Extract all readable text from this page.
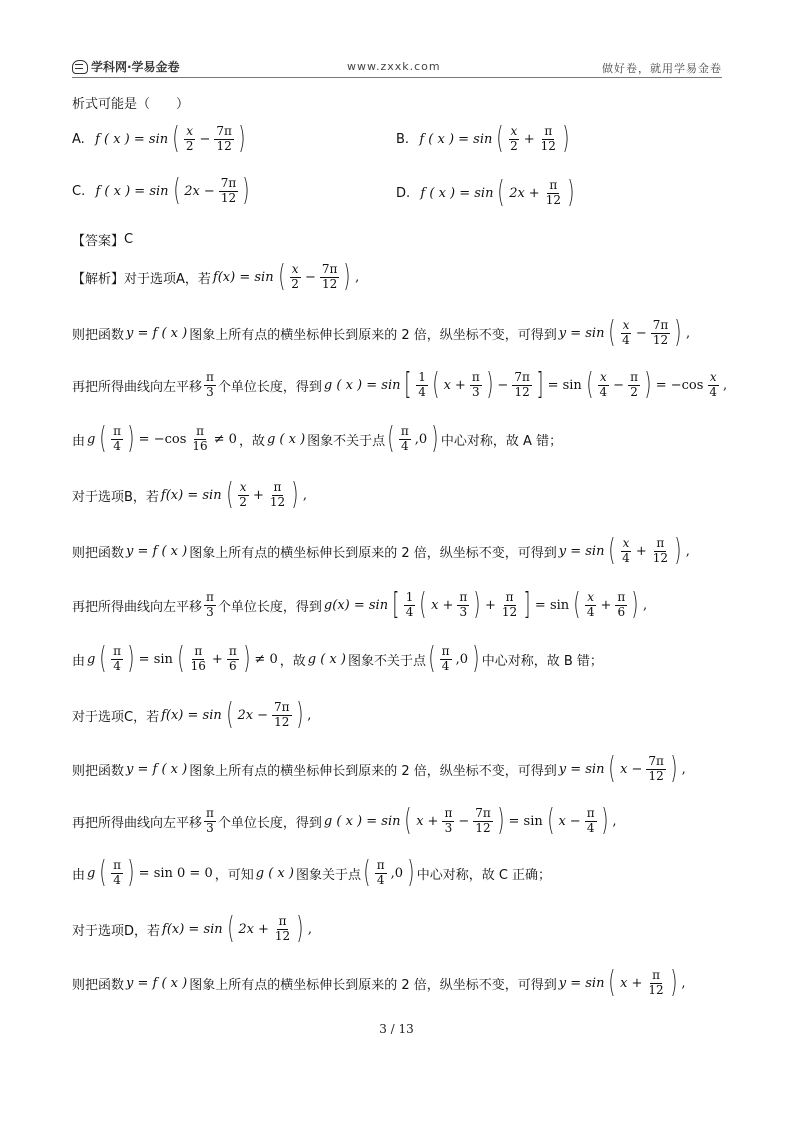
学科网·学易金卷	www.zxxk.com	做好卷，就用学易金卷
析式可能是（　　）
A.
f ( x ) = sin ( $\frac{x}{2} - \frac{7\pi}{12}$ )	B.
f ( x ) = sin ( $\frac{x}{2} + \frac{\pi}{12}$ )
C.
f ( x ) = sin ( $2x - \frac{7\pi}{12}$ )	D.
f ( x ) = sin ( $2x + \frac{\pi}{12}$ )
【答案】 C
【解析】 对于选项A，若 f(x) = sin ( $\frac{x}{2} - \frac{7\pi}{12}$ ) ,
则把函数 y = f ( x ) 图象上所有点的横坐标伸长到原来的 2 倍，纵坐标不变，可得到 y = sin ( $\frac{x}{4} - \frac{7\pi}{12}$ ) ,
再把所得曲线向左平移 $\frac{\pi}{3}$ 个单位长度，得到 g ( x ) = sin [ $\frac{1}{4}$ ( $x + \frac{\pi}{3}$ ) − $\frac{7\pi}{12}$ ] = sin ( $\frac{x}{4} - \frac{\pi}{2}$ ) = $-\cos \frac{x}{4}$ ,
由 g ( $\frac{\pi}{4}$ ) = $-\cos \frac{\pi}{16} \ne 0$ ，故 g ( x ) 图象不关于点 ( $\frac{\pi}{4} ,0$ ) 中心对称，故 A 错；
对于选项B，若 f(x) = sin ( $\frac{x}{2} + \frac{\pi}{12}$ ) ,
则把函数 y = f ( x ) 图象上所有点的横坐标伸长到原来的 2 倍，纵坐标不变，可得到 y = sin ( $\frac{x}{4} + \frac{\pi}{12}$ ) ,
再把所得曲线向左平移 $\frac{\pi}{3}$ 个单位长度，得到 g(x) = sin [ $\frac{1}{4}$ ( $x + \frac{\pi}{3}$ ) + $\frac{\pi}{12}$ ] = sin ( $\frac{x}{4} + \frac{\pi}{6}$ ) ,
由 g ( $\frac{\pi}{4}$ ) = sin ( $\frac{\pi}{16} + \frac{\pi}{6}$ ) ≠ 0 ，故 g ( x ) 图象不关于点 ( $\frac{\pi}{4} ,0$ ) 中心对称，故 B 错；
对于选项C，若 f(x) = sin ( $2x - \frac{7\pi}{12}$ ) ,
则把函数 y = f ( x ) 图象上所有点的横坐标伸长到原来的 2 倍，纵坐标不变，可得到 y = sin ( $x - \frac{7\pi}{12}$ ) ,
再把所得曲线向左平移 $\frac{\pi}{3}$ 个单位长度，得到 g ( x ) = sin ( $x + \frac{\pi}{3} - \frac{7\pi}{12}$ ) = sin ( $x - \frac{\pi}{4}$ ) ,
由 g ( $\frac{\pi}{4}$ ) = sin 0 = 0 ，可知 g ( x ) 图象关于点 ( $\frac{\pi}{4} ,0$ ) 中心对称，故 C 正确；
对于选项D，若 f(x) = sin ( $2x + \frac{\pi}{12}$ ) ,
则把函数 y = f ( x ) 图象上所有点的横坐标伸长到原来的 2 倍，纵坐标不变，可得到 y = sin ( $x + \frac{\pi}{12}$ ) ,
3 / 13
